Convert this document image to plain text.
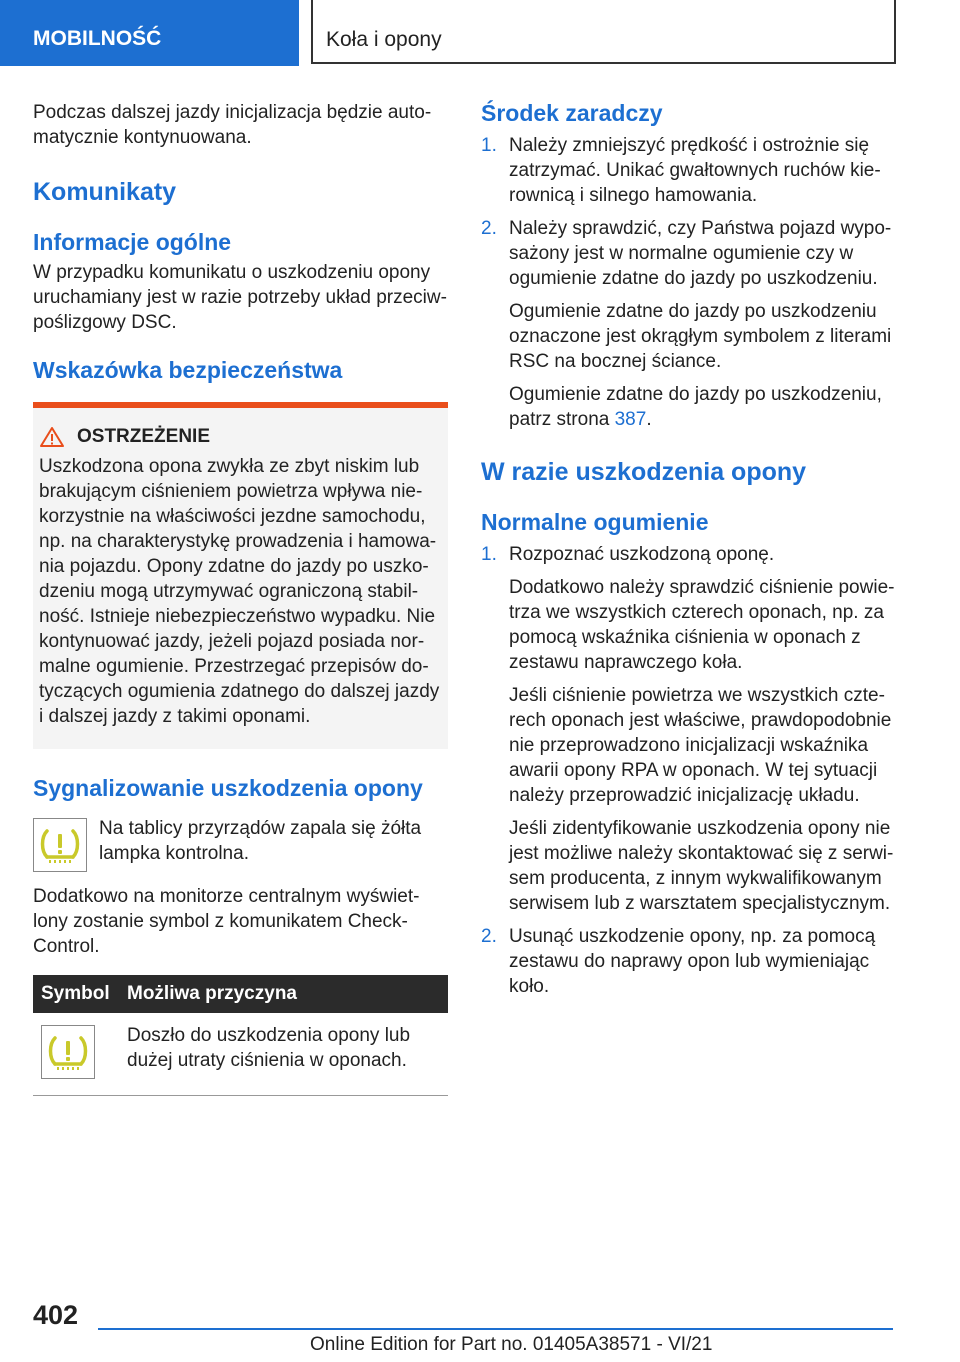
MOBILNOŚĆ	Koła i opony

Podczas dalszej jazdy inicjalizacja będzie auto-matycznie kontynuowana.

Komunikaty
Informacje ogólne

W przypadku komunikatu o uszkodzeniu opony uruchamiany jest w razie potrzeby układ przeciw-poślizgowy DSC.

Wskazówka bezpieczeństwa
OSTRZEŻENIE

Uszkodzona opona zwykła ze zbyt niskim lub brakującym ciśnieniem powietrza wpływa nie-korzystnie na właściwości jezdne samochodu, np. na charakterystykę prowadzenia i hamowa-nia pojazdu. Opony zdatne do jazdy po uszko-dzeniu mogą utrzymywać ograniczoną stabil-ność. Istnieje niebezpieczeństwo wypadku. Nie kontynuować jazdy, jeżeli pojazd posiada nor-malne ogumienie. Przestrzegać przepisów do-tyczących ogumienia zdatnego do dalszej jazdy i dalszej jazdy z takimi oponami.

Sygnalizowanie uszkodzenia opony

Na tablicy przyrządów zapala się żółta lampka kontrolna.

Dodatkowo na monitorze centralnym wyświet-lony zostanie symbol z komunikatem Check-Control.

Symbol	Możliwa przyczyna

	Doszło do uszkodzenia opony lub dużej utraty ciśnienia w oponach.
Środek zaradczy
1. Należy zmniejszyć prędkość i ostrożnie się zatrzymać. Unikać gwałtownych ruchów kie-rownicą i silnego hamowania.
2. Należy sprawdzić, czy Państwa pojazd wypo-sażony jest w normalne ogumienie czy w ogumienie zdatne do jazdy po uszkodzeniu.

Ogumienie zdatne do jazdy po uszkodzeniu oznaczone jest okrągłym symbolem z literami RSC na bocznej ściance.

Ogumienie zdatne do jazdy po uszkodzeniu, patrz strona 387.

W razie uszkodzenia opony
Normalne ogumienie
1. Rozpoznać uszkodzoną oponę.

Dodatkowo należy sprawdzić ciśnienie powie-trza we wszystkich czterech oponach, np. za pomocą wskaźnika ciśnienia w oponach z zestawu naprawczego koła.

Jeśli ciśnienie powietrza we wszystkich czte-rech oponach jest właściwe, prawdopodobnie nie przeprowadzono inicjalizacji wskaźnika awarii opony RPA w oponach. W tej sytuacji należy przeprowadzić inicjalizację układu.

Jeśli zidentyfikowanie uszkodzenia opony nie jest możliwe należy skontaktować się z serwi-sem producenta, z innym wykwalifikowanym serwisem lub z warsztatem specjalistycznym.

2. Usunąć uszkodzenie opony, np. za pomocą zestawu do naprawy opon lub wymieniając koło.
402
Online Edition for Part no. 01405A38571 - VI/21
